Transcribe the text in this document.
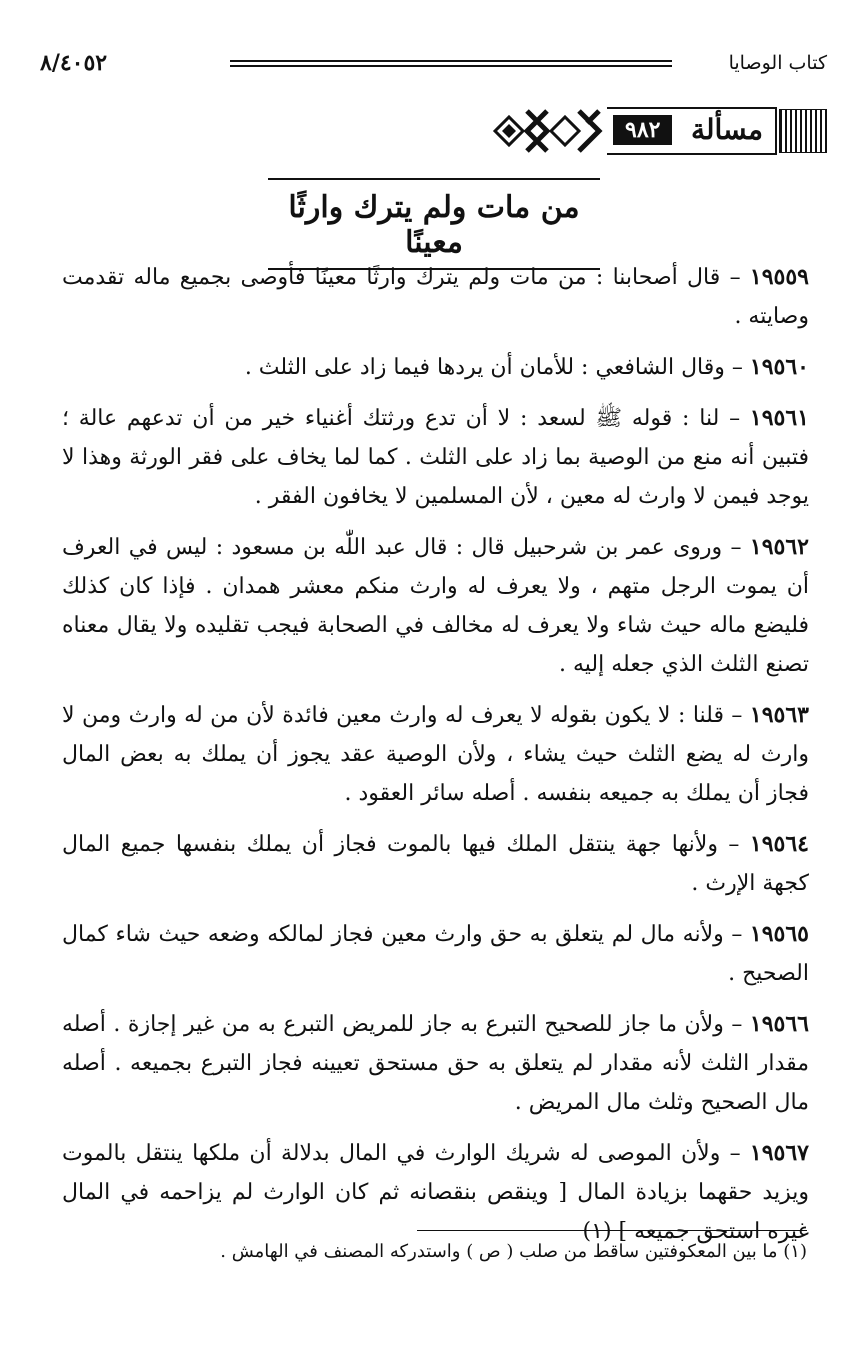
كتاب الوصايا
٨/٤٠٥٢
مسألة
٩٨٢
من مات ولم يترك وارثًا معينًا

١٩٥٥٩ – قال أصحابنا : من مات ولم يترك وارثًا معينًا فأوصى بجميع ماله تقدمت وصايته .

١٩٥٦٠ – وقال الشافعي : للأمان أن يردها فيما زاد على الثلث .

١٩٥٦١ – لنا : قوله ﷺ لسعد : لا أن تدع ورثتك أغنياء خير من أن تدعهم عالة ؛ فتبين أنه منع من الوصية بما زاد على الثلث . كما لما يخاف على فقر الورثة وهذا لا يوجد فيمن لا وارث له معين ، لأن المسلمين لا يخافون الفقر .

١٩٥٦٢ – وروى عمر بن شرحبيل قال : قال عبد اللّٰه بن مسعود : ليس في العرف أن يموت الرجل متهم ، ولا يعرف له وارث منكم معشر همدان . فإذا كان كذلك فليضع ماله حيث شاء ولا يعرف له مخالف في الصحابة فيجب تقليده ولا يقال معناه تصنع الثلث الذي جعله إليه .

١٩٥٦٣ – قلنا : لا يكون بقوله لا يعرف له وارث معين فائدة لأن من له وارث ومن لا وارث له يضع الثلث حيث يشاء ، ولأن الوصية عقد يجوز أن يملك به بعض المال فجاز أن يملك به جميعه بنفسه . أصله سائر العقود .

١٩٥٦٤ – ولأنها جهة ينتقل الملك فيها بالموت فجاز أن يملك بنفسها جميع المال كجهة الإرث .

١٩٥٦٥ – ولأنه مال لم يتعلق به حق وارث معين فجاز لمالكه وضعه حيث شاء كمال الصحيح .

١٩٥٦٦ – ولأن ما جاز للصحيح التبرع به جاز للمريض التبرع به من غير إجازة . أصله مقدار الثلث لأنه مقدار لم يتعلق به حق مستحق تعيينه فجاز التبرع بجميعه . أصله مال الصحيح وثلث مال المريض .

١٩٥٦٧ – ولأن الموصى له شريك الوارث في المال بدلالة أن ملكها ينتقل بالموت ويزيد حقهما بزيادة المال [ وينقص بنقصانه ثم كان الوارث لم يزاحمه في المال غيره استحق جميعه ] (١)

(١) ما بين المعكوفتين ساقط من صلب ( ص ) واستدركه المصنف في الهامش .
